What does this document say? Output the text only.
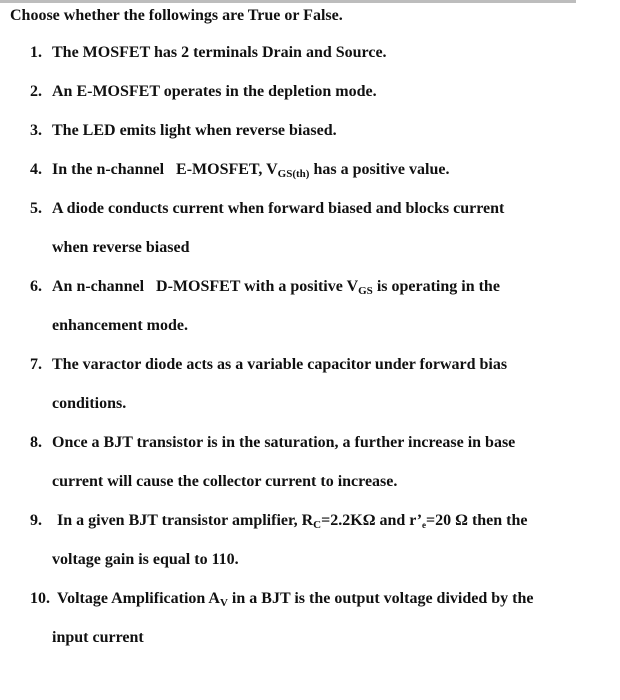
Choose whether the followings are True or False.
1. The MOSFET has 2 terminals Drain and Source.
2. An E-MOSFET operates in the depletion mode.
3. The LED emits light when reverse biased.
4. In the n-channel   E-MOSFET, VGS(th) has a positive value.
5. A diode conducts current when forward biased and blocks current
when reverse biased
6. An n-channel   D-MOSFET with a positive VGS is operating in the
enhancement mode.
7. The varactor diode acts as a variable capacitor under forward bias
conditions.
8. Once a BJT transistor is in the saturation, a further increase in base
current will cause the collector current to increase.
9. In a given BJT transistor amplifier, RC=2.2KΩ and r’e=20 Ω then the
voltage gain is equal to 110.
10. Voltage Amplification AV in a BJT is the output voltage divided by the
input current
